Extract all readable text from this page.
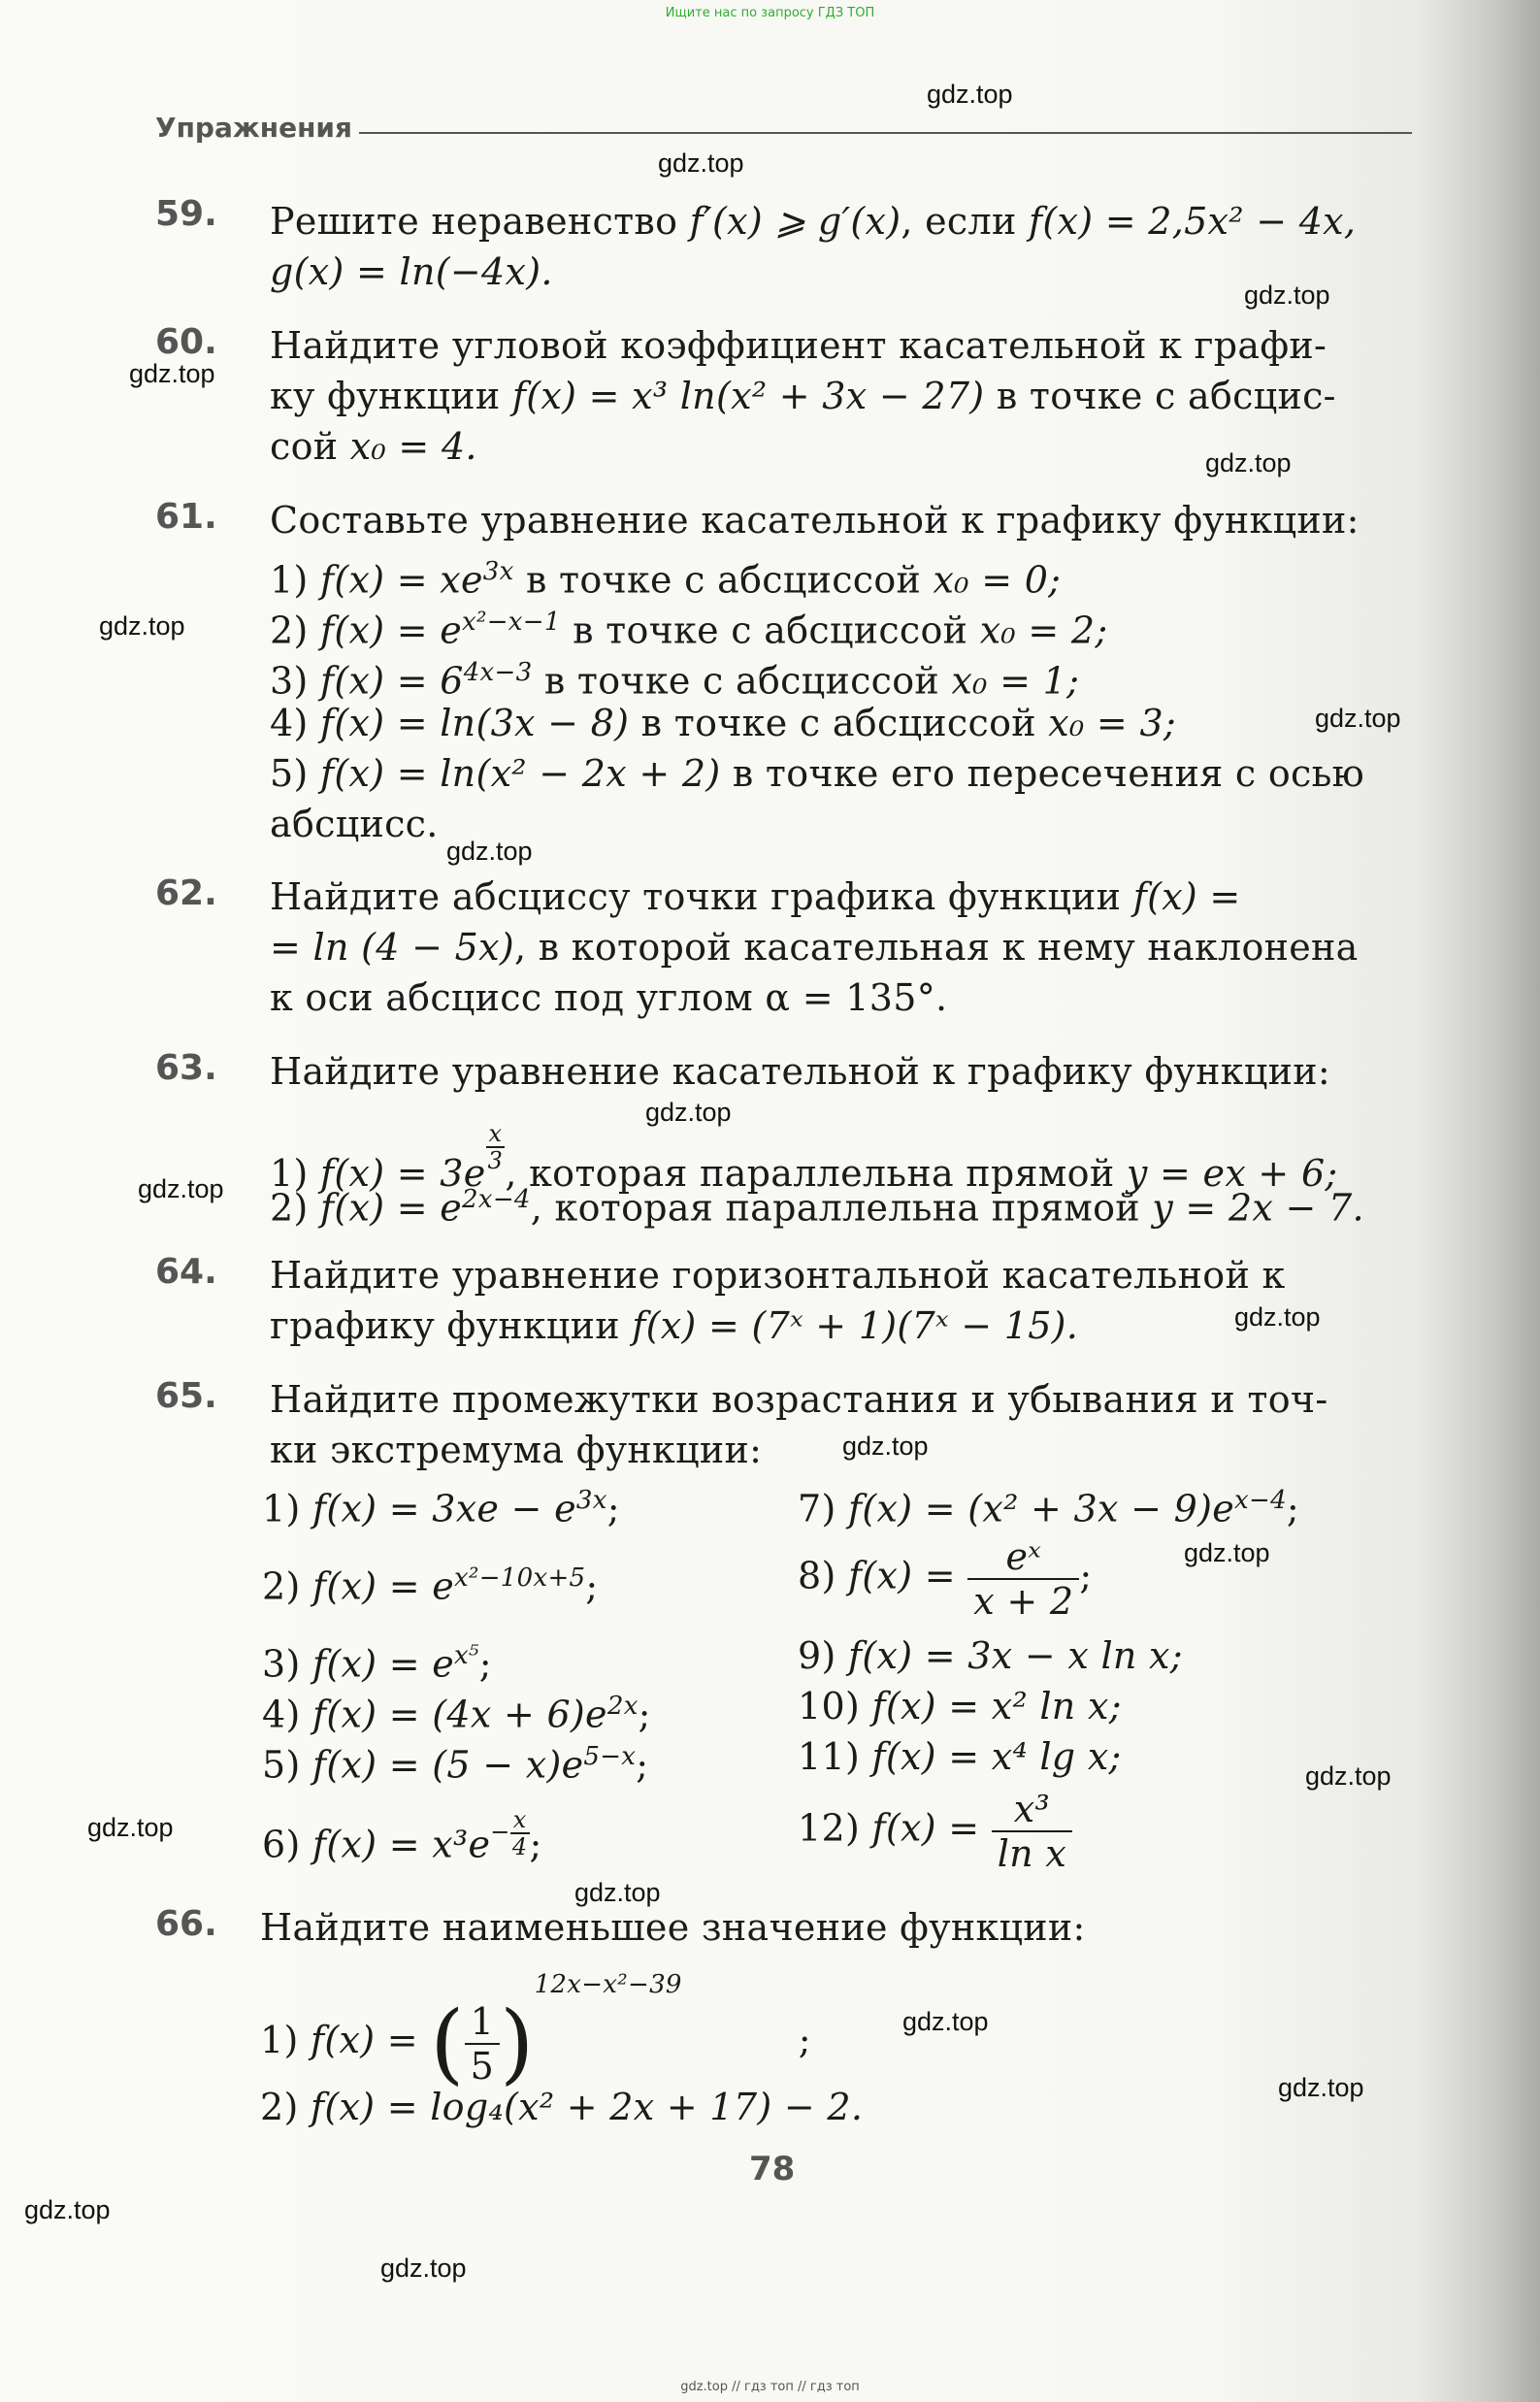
Ищите нас по запросу ГДЗ ТОП
Упражнения
gdz.top
gdz.top
gdz.top
gdz.top
gdz.top
gdz.top
gdz.top
gdz.top
gdz.top
gdz.top
gdz.top
gdz.top
gdz.top
gdz.top
gdz.top
gdz.top
gdz.top
gdz.top
gdz.top
gdz.top
59. Решите неравенство f′(x) ⩾ g′(x), если f(x) = 2,5x² − 4x,
g(x) = ln(−4x).
60. Найдите угловой коэффициент касательной к графи-
ку функции f(x) = x³ ln(x² + 3x − 27) в точке с абсцис-
сой x₀ = 4.
61. Составьте уравнение касательной к графику функции:
1) $f(x) = xe^{3x}$ в точке с абсциссой x₀ = 0;
2) $f(x) = e^{x^2-x-1}$ в точке с абсциссой x₀ = 2;
3) $f(x) = 6^{4x-3}$ в точке с абсциссой x₀ = 1;
4) f(x) = ln(3x − 8) в точке с абсциссой x₀ = 3;
5) f(x) = ln(x² − 2x + 2) в точке его пересечения с осью
абсцисс.
62. Найдите абсциссу точки графика функции f(x) =
= ln (4 − 5x), в которой касательная к нему наклонена
к оси абсцисс под углом α = 135°.
63. Найдите уравнение касательной к графику функции:
1) $f(x) = 3e \frac{x}{3}$ , которая параллельна прямой y = ex + 6;
2) $f(x) = e^{2x-4}$, которая параллельна прямой y = 2x − 7.
64. Найдите уравнение горизонтальной касательной к
графику функции f(x) = (7ˣ + 1)(7ˣ − 15).
65. Найдите промежутки возрастания и убывания и точ-
ки экстремума функции:
1) $f(x) = 3xe - e^{3x}$;
2) $f(x) = e^{x^2-10x+5}$;
3) $f(x) = e^{x^5}$;
4) $f(x) = (4x + 6)e^{2x}$;
5) $f(x) = (5 - x)e^{5-x}$;
6) $f(x) = x^3e- \frac{x}{4}$ ;
7) $f(x) = (x^2 + 3x - 9)e^{x-4}$;
8) $f(x) = \frac{\text{eˣ}}{x + 2}$ ;
9) f(x) = 3x − x ln x;
10) f(x) = x² ln x;
11) f(x) = x⁴ lg x;
12) $f(x) = \frac{\text{x³}}{\text{ln x}}$
66. Найдите наименьшее значение функции:
1) f(x) = ( $\frac{1}{5} )12x-x^2-39$;
2) f(x) = log₄(x² + 2x + 17) − 2.
78
gdz.top // гдз топ // гдз топ
